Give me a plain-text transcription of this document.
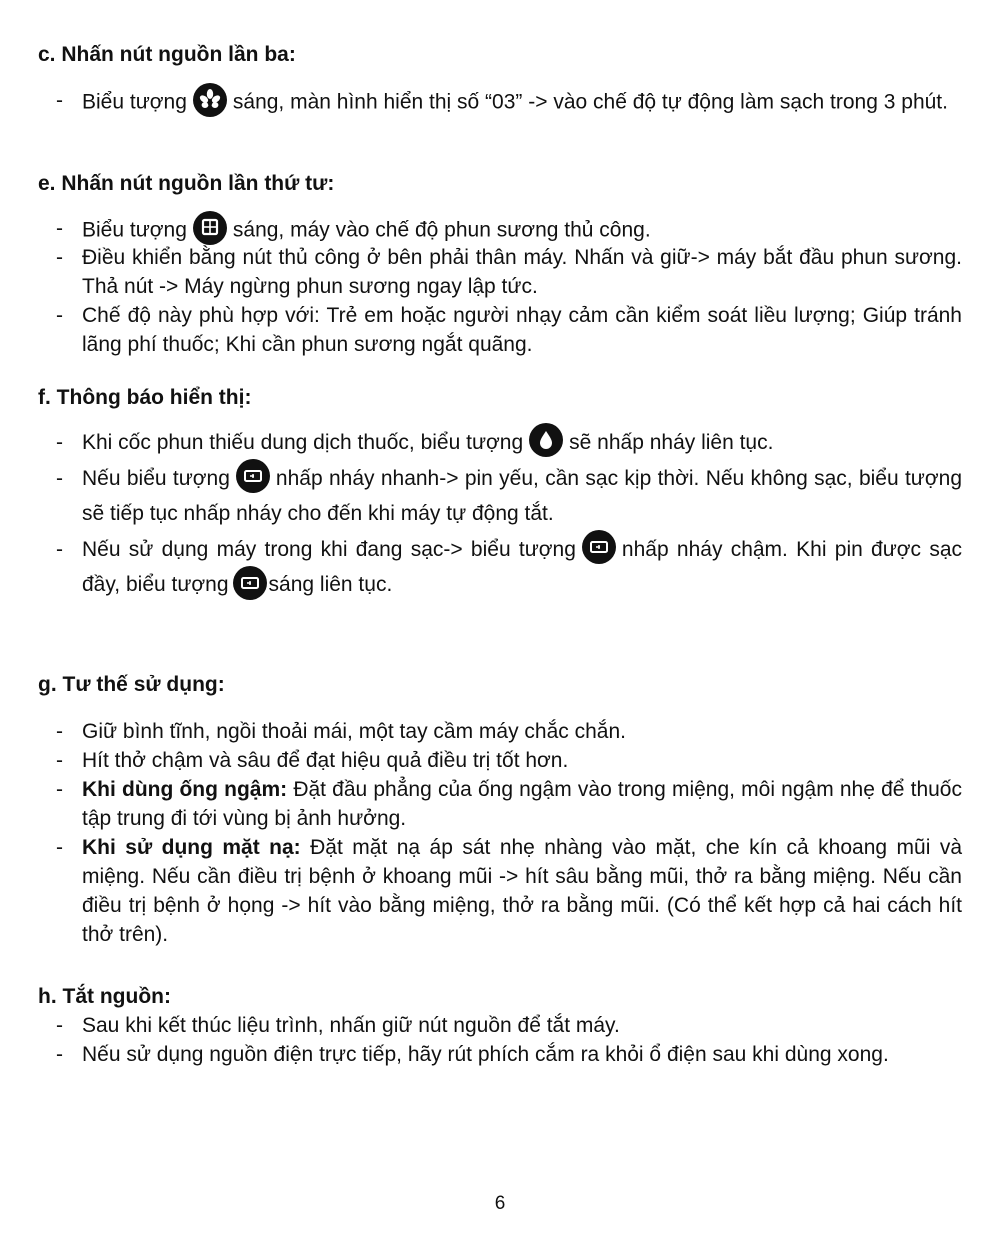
c. Nhấn nút nguồn lần ba:
- Biểu tượng sáng, màn hình hiển thị số “03” -> vào chế độ tự động làm sạch trong 3 phút.
e. Nhấn nút nguồn lần thứ tư:
- Biểu tượng sáng, máy vào chế độ phun sương thủ công.
- Điều khiển bằng nút thủ công ở bên phải thân máy. Nhấn và giữ-> máy bắt đầu phun sương. Thả nút -> Máy ngừng phun sương ngay lập tức.
- Chế độ này phù hợp với: Trẻ em hoặc người nhạy cảm cần kiểm soát liều lượng; Giúp tránh lãng phí thuốc; Khi cần phun sương ngắt quãng.
f. Thông báo hiển thị:
- Khi cốc phun thiếu dung dịch thuốc, biểu tượng sẽ nhấp nháy liên tục.
- Nếu biểu tượng nhấp nháy nhanh-> pin yếu, cần sạc kịp thời. Nếu không sạc, biểu tượng sẽ tiếp tục nhấp nháy cho đến khi máy tự động tắt.
- Nếu sử dụng máy trong khi đang sạc-> biểu tượng nhấp nháy chậm. Khi pin được sạc đầy, biểu tượng sáng liên tục.
g. Tư thế sử dụng:
- Giữ bình tĩnh, ngồi thoải mái, một tay cầm máy chắc chắn.
- Hít thở chậm và sâu để đạt hiệu quả điều trị tốt hơn.
- Khi dùng ống ngậm: Đặt đầu phẳng của ống ngậm vào trong miệng, môi ngậm nhẹ để thuốc tập trung đi tới vùng bị ảnh hưởng.
- Khi sử dụng mặt nạ: Đặt mặt nạ áp sát nhẹ nhàng vào mặt, che kín cả khoang mũi và miệng. Nếu cần điều trị bệnh ở khoang mũi -> hít sâu bằng mũi, thở ra bằng miệng. Nếu cần điều trị bệnh ở họng -> hít vào bằng miệng, thở ra bằng mũi. (Có thể kết hợp cả hai cách hít thở trên).
h. Tắt nguồn:
- Sau khi kết thúc liệu trình, nhấn giữ nút nguồn để tắt máy.
- Nếu sử dụng nguồn điện trực tiếp, hãy rút phích cắm ra khỏi ổ điện sau khi dùng xong.
6
